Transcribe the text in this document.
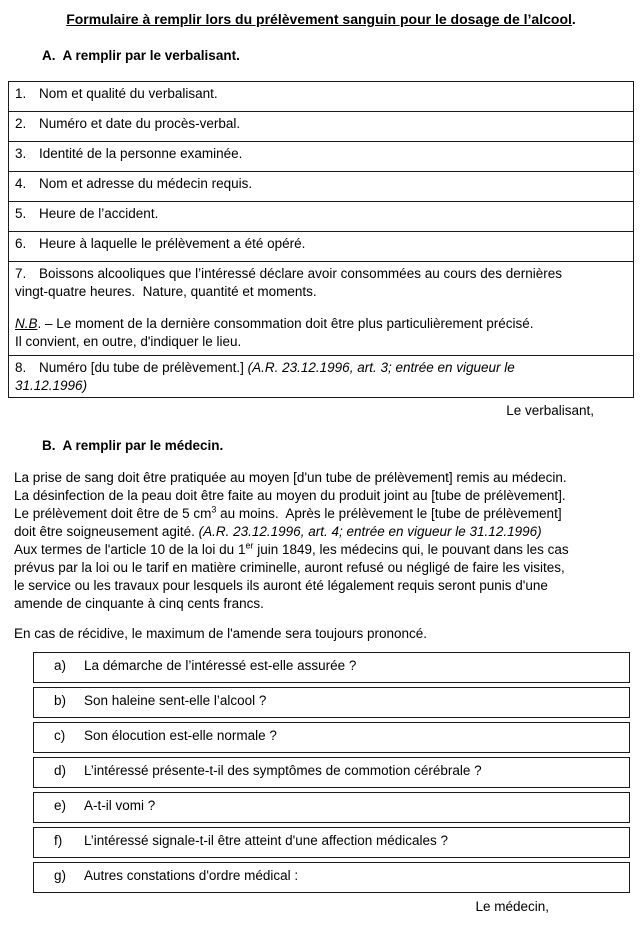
Formulaire à remplir lors du prélèvement sanguin pour le dosage de l’alcool.
A.  A remplir par le verbalisant.
1. Nom et qualité du verbalisant.
2. Numéro et date du procès-verbal.
3. Identité de la personne examinée.
4. Nom et adresse du médecin requis.
5. Heure de l’accident.
6. Heure à laquelle le prélèvement a été opéré.
7. Boissons alcooliques que l’intéressé déclare avoir consommées au cours des dernières
vingt-quatre heures.  Nature, quantité et moments.
N.B. – Le moment de la dernière consommation doit être plus particulièrement précisé.
Il convient, en outre, d'indiquer le lieu.
8. Numéro [du tube de prélèvement.] (A.R. 23.12.1996, art. 3; entrée en vigueur le
31.12.1996)
Le verbalisant,
B.  A remplir par le médecin.
La prise de sang doit être pratiquée au moyen [d'un tube de prélèvement] remis au médecin.
La désinfection de la peau doit être faite au moyen du produit joint au [tube de prélèvement].
Le prélèvement doit être de 5 $cm^3$ au moins.  Après le prélèvement le [tube de prélèvement]
doit être soigneusement agité. (A.R. 23.12.1996, art. 4; entrée en vigueur le 31.12.1996)
Aux termes de l'article 10 de la loi du 1er juin 1849, les médecins qui, le pouvant dans les cas
prévus par la loi ou le tarif en matière criminelle, auront refusé ou négligé de faire les visites,
le service ou les travaux pour lesquels ils auront été légalement requis seront punis d'une
amende de cinquante à cinq cents francs.
En cas de récidive, le maximum de l'amende sera toujours prononcé.
a) La démarche de l’intéressé est-elle assurée ?
b) Son haleine sent-elle l’alcool ?
c) Son élocution est-elle normale ?
d) L’intéressé présente-t-il des symptômes de commotion cérébrale ?
e) A-t-il vomi ?
f) L’intéressé signale-t-il être atteint d'une affection médicales ?
g) Autres constations d'ordre médical :
Le médecin,
